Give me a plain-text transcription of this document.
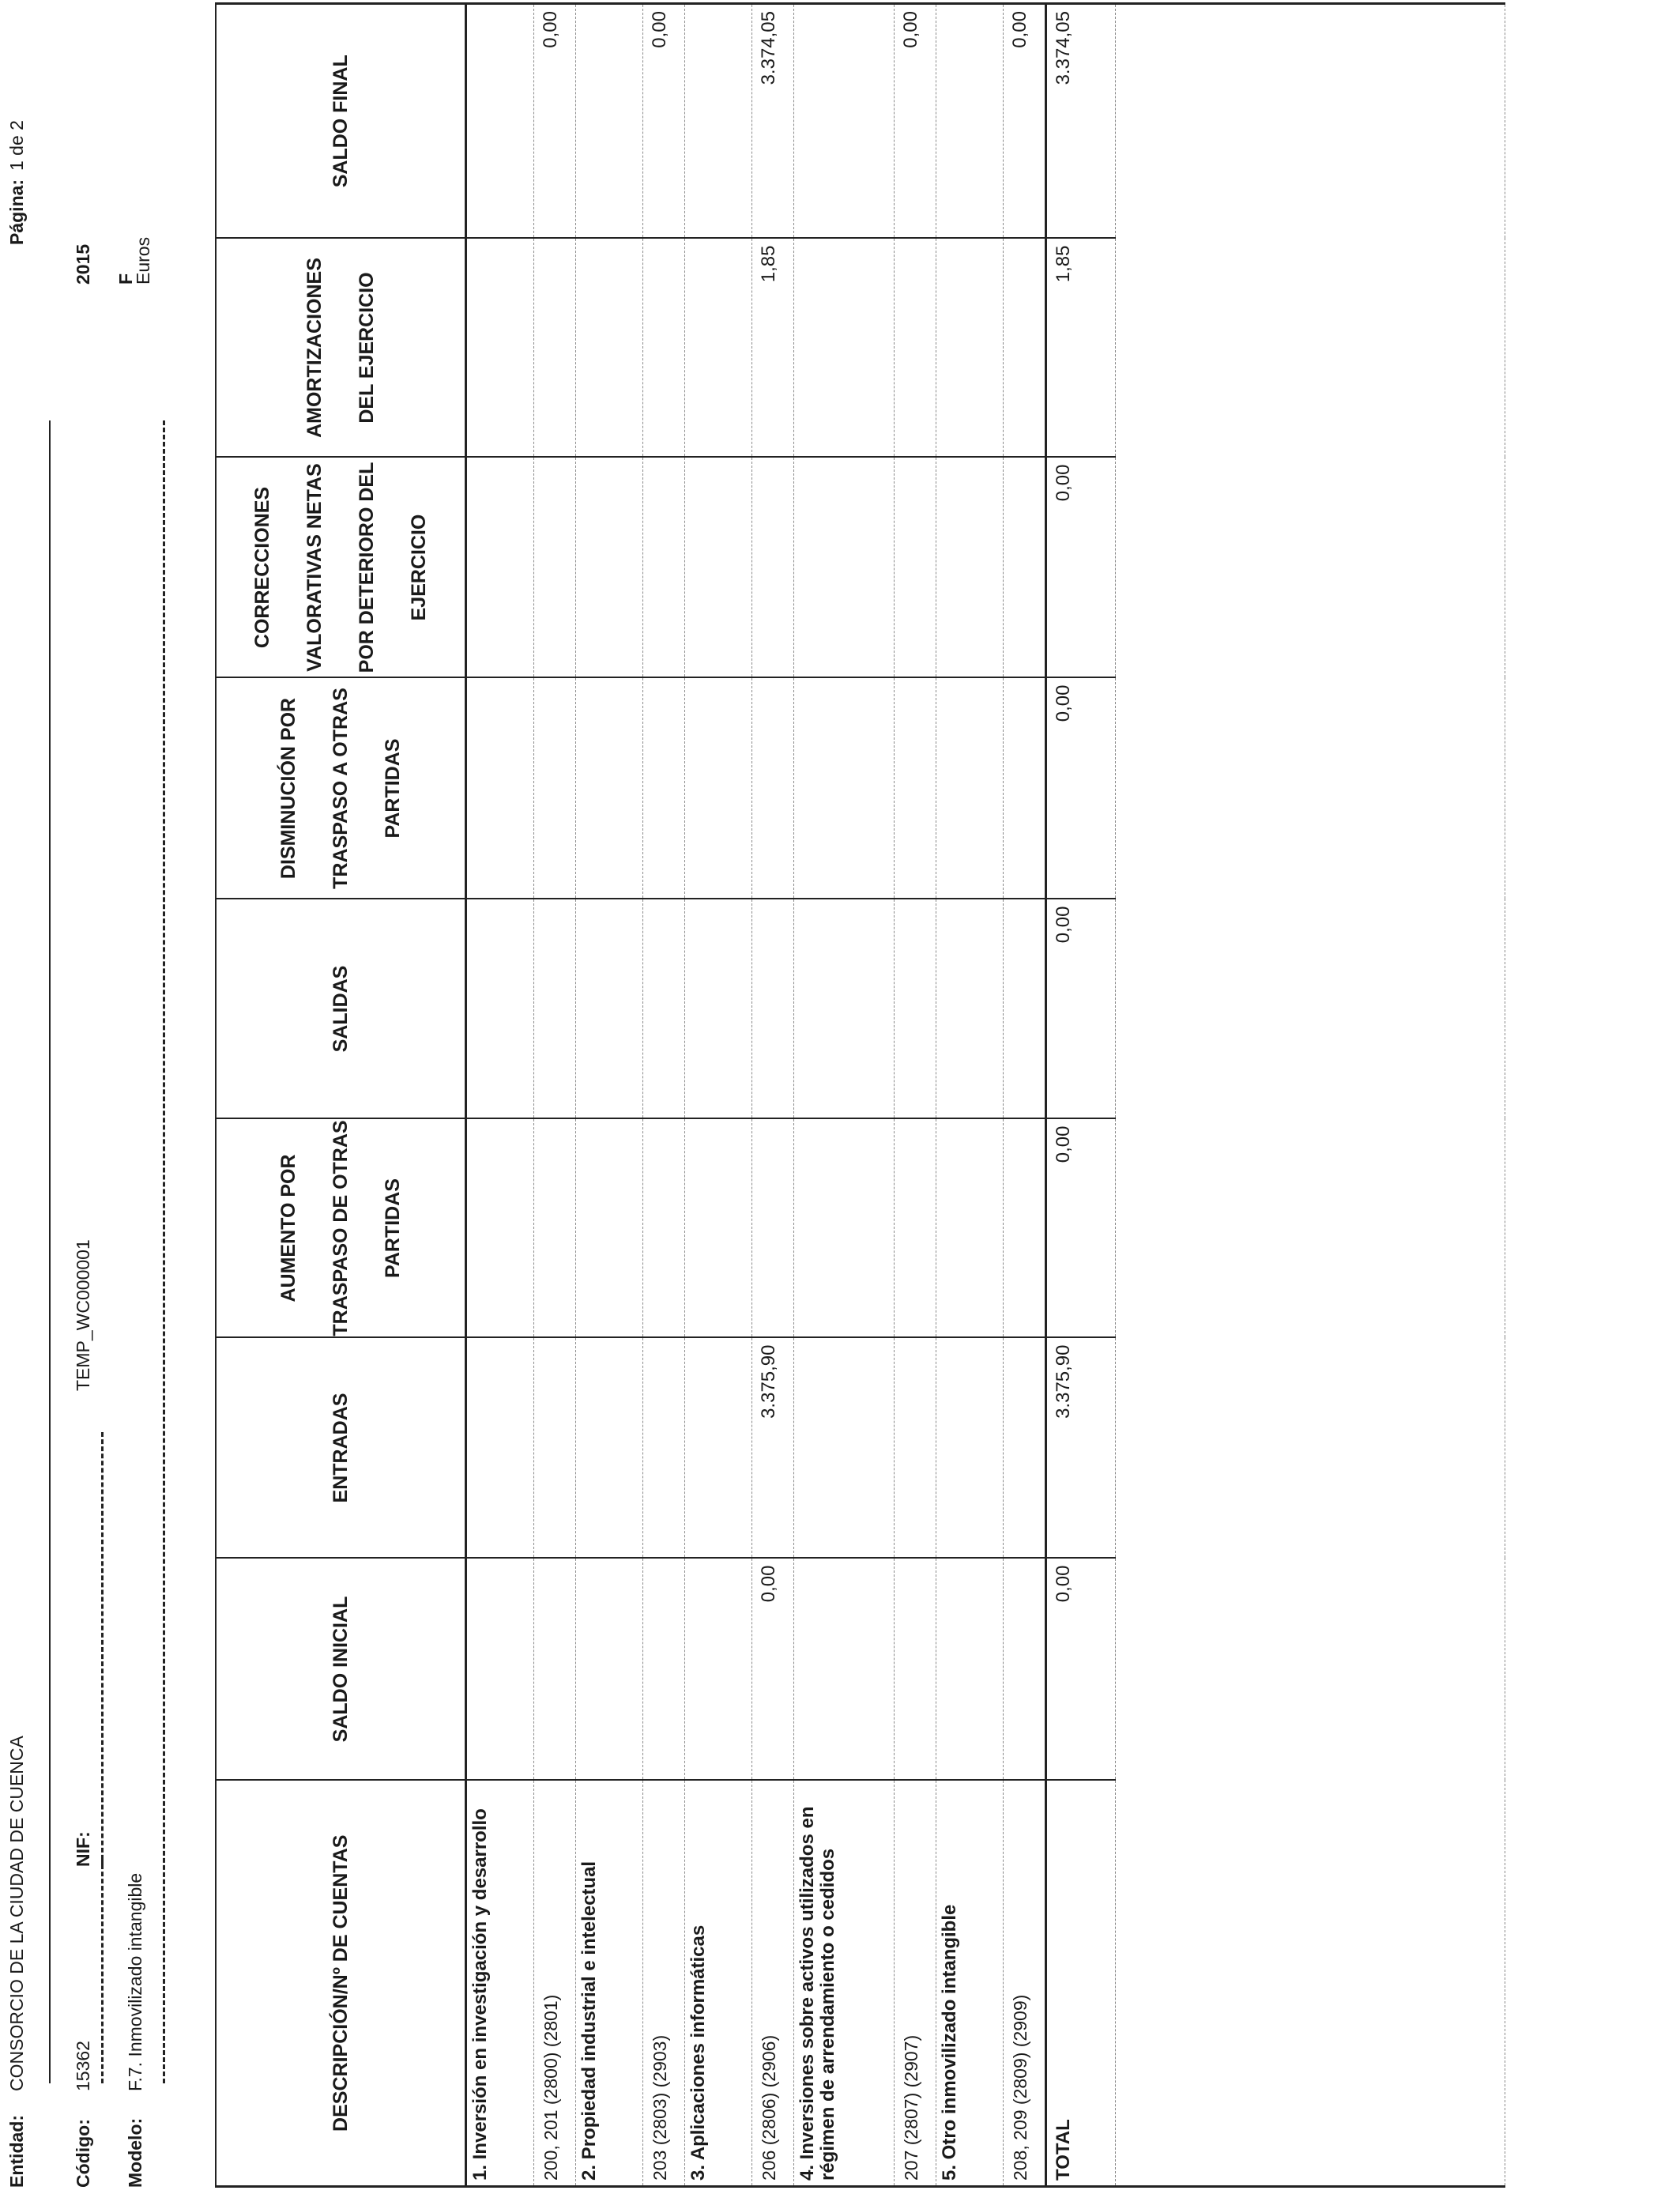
Entidad:
CONSORCIO DE LA CIUDAD DE CUENCA
Código:
15362
NIF:
TEMP_WC000001
Modelo:
F.7. Inmovilizado intangible
Página:
1 de 2
2015 F
Euros
DESCRIPCIÓN/Nº DE CUENTAS	SALDO INICIAL	ENTRADAS	AUMENTO POR TRASPASO DE OTRAS PARTIDAS	SALIDAS	DISMINUCIÓN POR TRASPASO A OTRAS PARTIDAS	CORRECCIONES VALORATIVAS NETAS POR DETERIORO DEL EJERCICIO	AMORTIZACIONES DEL EJERCICIO	SALDO FINAL
1. Inversión en investigación y desarrollo								
200, 201 (2800) (2801)								0,00
2. Propiedad industrial e intelectual								
203 (2803) (2903)								0,00
3. Aplicaciones informáticas								
206 (2806) (2906)	0,00	3.375,90					1,85	3.374,05
4. Inversiones sobre activos utilizados en régimen de arrendamiento o cedidos								
207 (2807) (2907)								0,00
5. Otro inmovilizado intangible								
208, 209 (2809) (2909)								0,00
TOTAL	0,00	3.375,90	0,00	0,00	0,00	0,00	1,85	3.374,05
